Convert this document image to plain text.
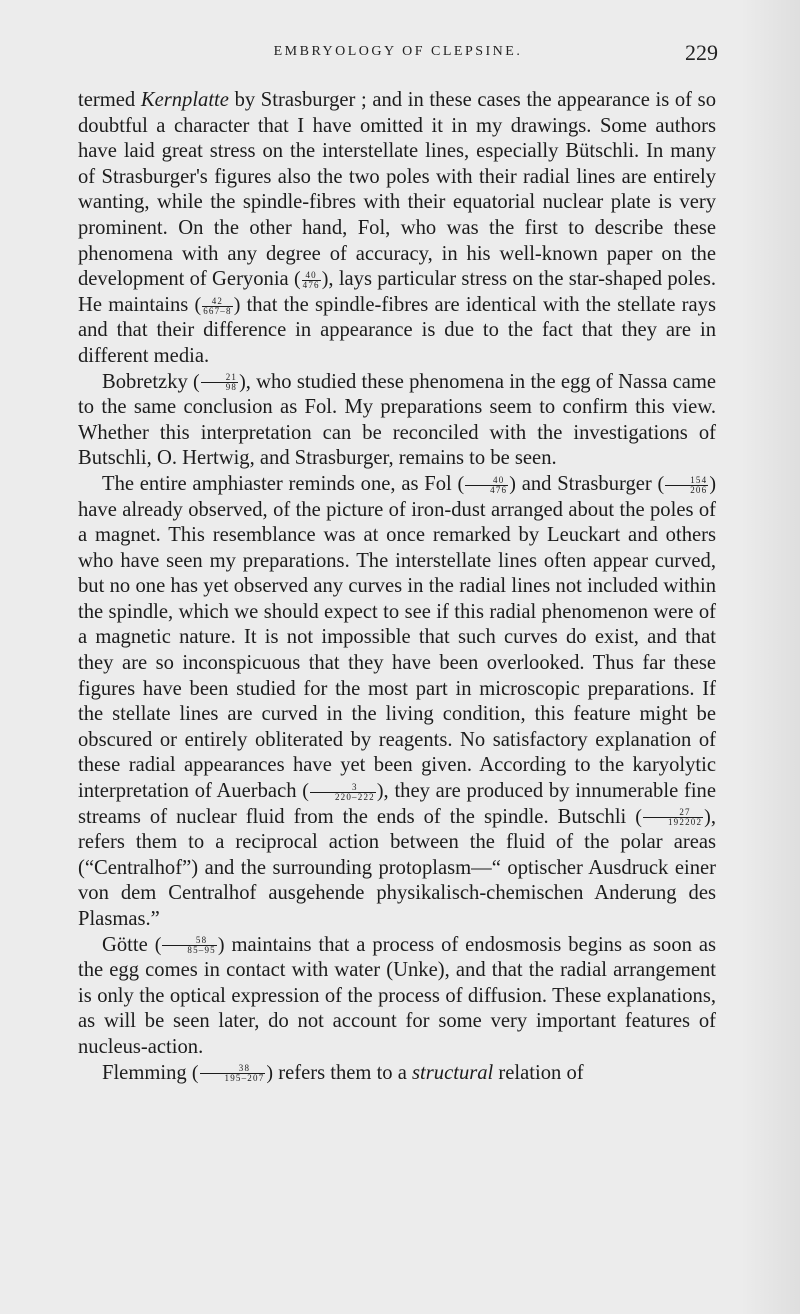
EMBRYOLOGY OF CLEPSINE.	229

termed Kernplatte by Strasburger ; and in these cases the appearance is of so doubtful a character that I have omitted it in my drawings. Some authors have laid great stress on the interstellate lines, especially Bütschli. In many of Strasburger's figures also the two poles with their radial lines are entirely wanting, while the spindle-fibres with their equatorial nuclear plate is very prominent. On the other hand, Fol, who was the first to describe these phenomena with any degree of accuracy, in his well-known paper on the development of Geryonia ( $\frac{40}{476}$ ), lays particular stress on the star-shaped poles. He maintains ( $\frac{42}{667-8}$ ) that the spindle-fibres are identical with the stellate rays and that their difference in appearance is due to the fact that they are in different media.

Bobretzky ( $\frac{21}{98}$ ), who studied these phenomena in the egg of Nassa came to the same conclusion as Fol. My preparations seem to confirm this view. Whether this interpretation can be reconciled with the investigations of Butschli, O. Hertwig, and Strasburger, remains to be seen.

The entire amphiaster reminds one, as Fol ( $\frac{40}{476}$ ) and Strasburger ( $\frac{154}{206}$ ) have already observed, of the picture of iron-dust arranged about the poles of a magnet. This resemblance was at once remarked by Leuckart and others who have seen my preparations. The interstellate lines often appear curved, but no one has yet observed any curves in the radial lines not included within the spindle, which we should expect to see if this radial phenomenon were of a magnetic nature. It is not impossible that such curves do exist, and that they are so inconspicuous that they have been overlooked. Thus far these figures have been studied for the most part in microscopic preparations. If the stellate lines are curved in the living condition, this feature might be obscured or entirely obliterated by reagents. No satisfactory explanation of these radial appearances have yet been given. According to the karyolytic interpretation of Auerbach ( $\frac{3}{220-222}$ ), they are produced by innumerable fine streams of nuclear fluid from the ends of the spindle. Butschli ( $\frac{27}{192202}$ ), refers them to a reciprocal action between the fluid of the polar areas (“Centralhof”) and the surrounding protoplasm—“ optischer Ausdruck einer von dem Centralhof ausgehende physikalisch-chemischen Anderung des Plasmas.”

Götte ( $\frac{58}{85-95}$ ) maintains that a process of endosmosis begins as soon as the egg comes in contact with water (Unke), and that the radial arrangement is only the optical expression of the process of diffusion. These explanations, as will be seen later, do not account for some very important features of nucleus-action.

Flemming ( $\frac{38}{195-207}$ ) refers them to a structural relation of
